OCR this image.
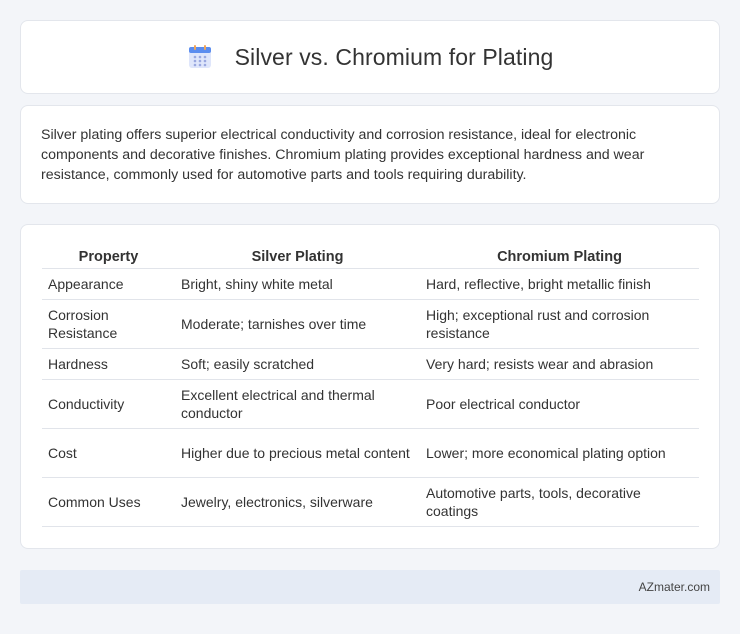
Silver vs. Chromium for Plating

Silver plating offers superior electrical conductivity and corrosion resistance, ideal for electronic components and decorative finishes. Chromium plating provides exceptional hardness and wear resistance, commonly used for automotive parts and tools requiring durability.

Property	Silver Plating	Chromium Plating
Appearance	Bright, shiny white metal	Hard, reflective, bright metallic finish
Corrosion Resistance	Moderate; tarnishes over time	High; exceptional rust and corrosion resistance
Hardness	Soft; easily scratched	Very hard; resists wear and abrasion
Conductivity	Excellent electrical and thermal conductor	Poor electrical conductor
Cost	Higher due to precious metal content	Lower; more economical plating option
Common Uses	Jewelry, electronics, silverware	Automotive parts, tools, decorative coatings
AZmater.com
